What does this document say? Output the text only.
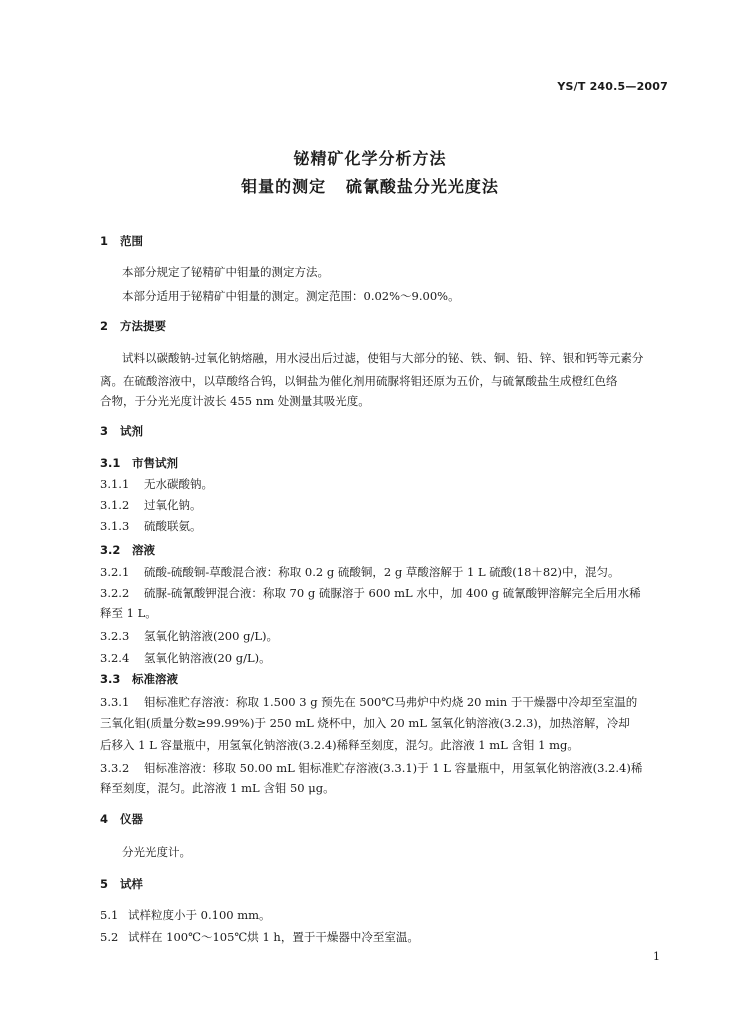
YS/T 240.5—2007
铋精矿化学分析方法
钼量的测定   硫氰酸盐分光光度法
1 范围
本部分规定了铋精矿中钼量的测定方法。
本部分适用于铋精矿中钼量的测定。测定范围：0.02%～9.00%。
2 方法提要
试料以碳酸钠-过氧化钠熔融，用水浸出后过滤，使钼与大部分的铋、铁、铜、铅、锌、银和钙等元素分
离。在硫酸溶液中，以草酸络合钨，以铜盐为催化剂用硫脲将钼还原为五价，与硫氰酸盐生成橙红色络
合物，于分光光度计波长 455 nm 处测量其吸光度。
3 试剂
3.1 市售试剂
3.1.1 无水碳酸钠。
3.1.2 过氧化钠。
3.1.3 硫酸联氨。
3.2 溶液
3.2.1 硫酸-硫酸铜-草酸混合液：称取 0.2 g 硫酸铜，2 g 草酸溶解于 1 L 硫酸(18＋82)中，混匀。
3.2.2 硫脲-硫氰酸钾混合液：称取 70 g 硫脲溶于 600 mL 水中，加 400 g 硫氰酸钾溶解完全后用水稀
释至 1 L。
3.2.3 氢氧化钠溶液(200 g/L)。
3.2.4 氢氧化钠溶液(20 g/L)。
3.3 标准溶液
3.3.1 钼标准贮存溶液：称取 1.500 3 g 预先在 500℃马弗炉中灼烧 20 min 于干燥器中冷却至室温的
三氧化钼(质量分数≥99.99%)于 250 mL 烧杯中，加入 20 mL 氢氧化钠溶液(3.2.3)，加热溶解，冷却
后移入 1 L 容量瓶中，用氢氧化钠溶液(3.2.4)稀释至刻度，混匀。此溶液 1 mL 含钼 1 mg。
3.3.2 钼标准溶液：移取 50.00 mL 钼标准贮存溶液(3.3.1)于 1 L 容量瓶中，用氢氧化钠溶液(3.2.4)稀
释至刻度，混匀。此溶液 1 mL 含钼 50 μg。
4 仪器
分光光度计。
5 试样
5.1 试样粒度小于 0.100 mm。
5.2 试样在 100℃～105℃烘 1 h，置于干燥器中冷至室温。
1
